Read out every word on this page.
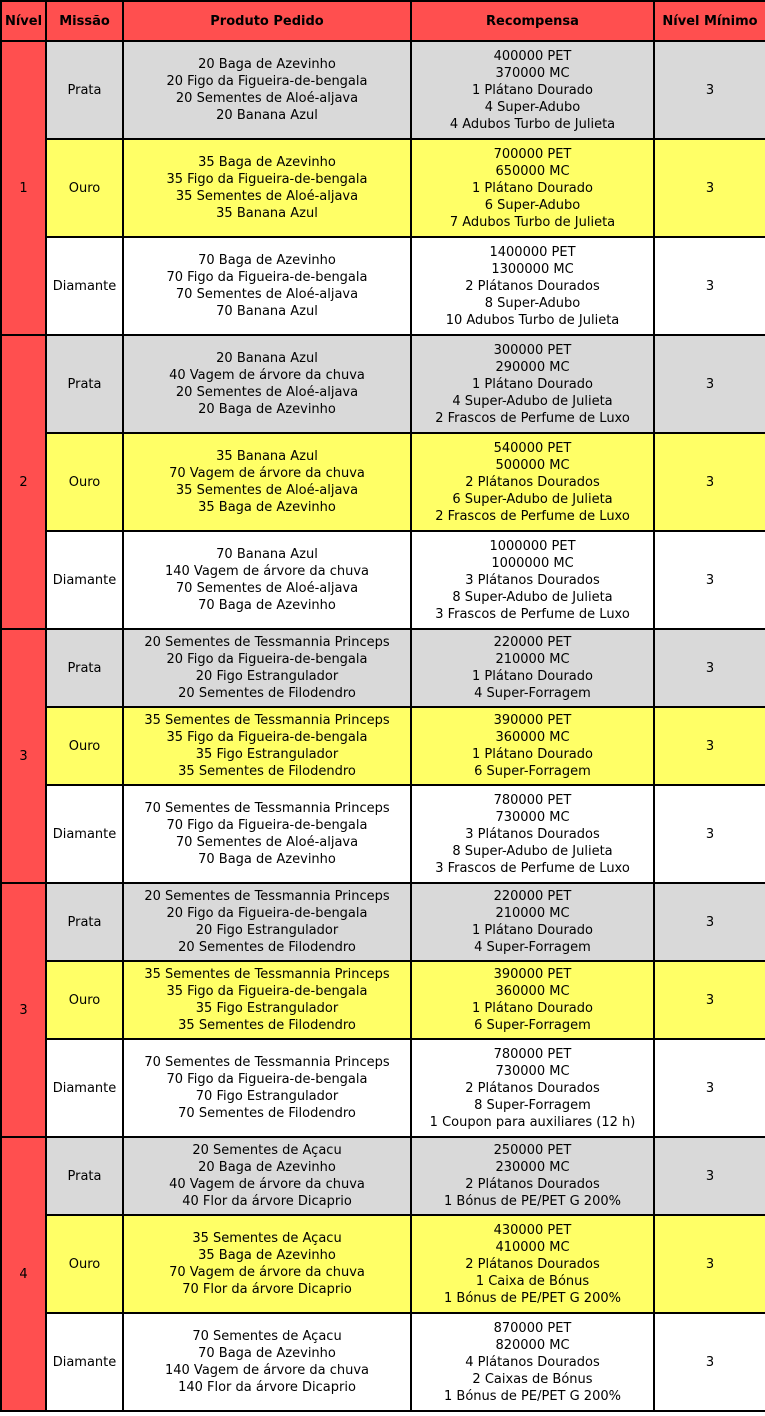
Nível	Missão	Produto Pedido	Recompensa	Nível Mínimo
1	Prata	20 Baga de Azevinho
20 Figo da Figueira-de-bengala
20 Sementes de Aloé-aljava
20 Banana Azul	400000 PET
370000 MC
1 Plátano Dourado
4 Super-Adubo
4 Adubos Turbo de Julieta	3
	Ouro	35 Baga de Azevinho
35 Figo da Figueira-de-bengala
35 Sementes de Aloé-aljava
35 Banana Azul	700000 PET
650000 MC
1 Plátano Dourado
6 Super-Adubo
7 Adubos Turbo de Julieta	3
	Diamante	70 Baga de Azevinho
70 Figo da Figueira-de-bengala
70 Sementes de Aloé-aljava
70 Banana Azul	1400000 PET
1300000 MC
2 Plátanos Dourados
8 Super-Adubo
10 Adubos Turbo de Julieta	3
2	Prata	20 Banana Azul
40 Vagem de árvore da chuva
20 Sementes de Aloé-aljava
20 Baga de Azevinho	300000 PET
290000 MC
1 Plátano Dourado
4 Super-Adubo de Julieta
2 Frascos de Perfume de Luxo	3
	Ouro	35 Banana Azul
70 Vagem de árvore da chuva
35 Sementes de Aloé-aljava
35 Baga de Azevinho	540000 PET
500000 MC
2 Plátanos Dourados
6 Super-Adubo de Julieta
2 Frascos de Perfume de Luxo	3
	Diamante	70 Banana Azul
140 Vagem de árvore da chuva
70 Sementes de Aloé-aljava
70 Baga de Azevinho	1000000 PET
1000000 MC
3 Plátanos Dourados
8 Super-Adubo de Julieta
3 Frascos de Perfume de Luxo	3
3	Prata	20 Sementes de Tessmannia Princeps
20 Figo da Figueira-de-bengala
20 Figo Estrangulador
20 Sementes de Filodendro	220000 PET
210000 MC
1 Plátano Dourado
4 Super-Forragem	3
	Ouro	35 Sementes de Tessmannia Princeps
35 Figo da Figueira-de-bengala
35 Figo Estrangulador
35 Sementes de Filodendro	390000 PET
360000 MC
1 Plátano Dourado
6 Super-Forragem	3
	Diamante	70 Sementes de Tessmannia Princeps
70 Figo da Figueira-de-bengala
70 Sementes de Aloé-aljava
70 Baga de Azevinho	780000 PET
730000 MC
3 Plátanos Dourados
8 Super-Adubo de Julieta
3 Frascos de Perfume de Luxo	3
3	Prata	20 Sementes de Tessmannia Princeps
20 Figo da Figueira-de-bengala
20 Figo Estrangulador
20 Sementes de Filodendro	220000 PET
210000 MC
1 Plátano Dourado
4 Super-Forragem	3
	Ouro	35 Sementes de Tessmannia Princeps
35 Figo da Figueira-de-bengala
35 Figo Estrangulador
35 Sementes de Filodendro	390000 PET
360000 MC
1 Plátano Dourado
6 Super-Forragem	3
	Diamante	70 Sementes de Tessmannia Princeps
70 Figo da Figueira-de-bengala
70 Figo Estrangulador
70 Sementes de Filodendro	780000 PET
730000 MC
2 Plátanos Dourados
8 Super-Forragem
1 Coupon para auxiliares (12 h)	3
4	Prata	20 Sementes de Açacu
20 Baga de Azevinho
40 Vagem de árvore da chuva
40 Flor da árvore Dicaprio	250000 PET
230000 MC
2 Plátanos Dourados
1 Bónus de PE/PET G 200%	3
	Ouro	35 Sementes de Açacu
35 Baga de Azevinho
70 Vagem de árvore da chuva
70 Flor da árvore Dicaprio	430000 PET
410000 MC
2 Plátanos Dourados
1 Caixa de Bónus
1 Bónus de PE/PET G 200%	3
	Diamante	70 Sementes de Açacu
70 Baga de Azevinho
140 Vagem de árvore da chuva
140 Flor da árvore Dicaprio	870000 PET
820000 MC
4 Plátanos Dourados
2 Caixas de Bónus
1 Bónus de PE/PET G 200%	3
